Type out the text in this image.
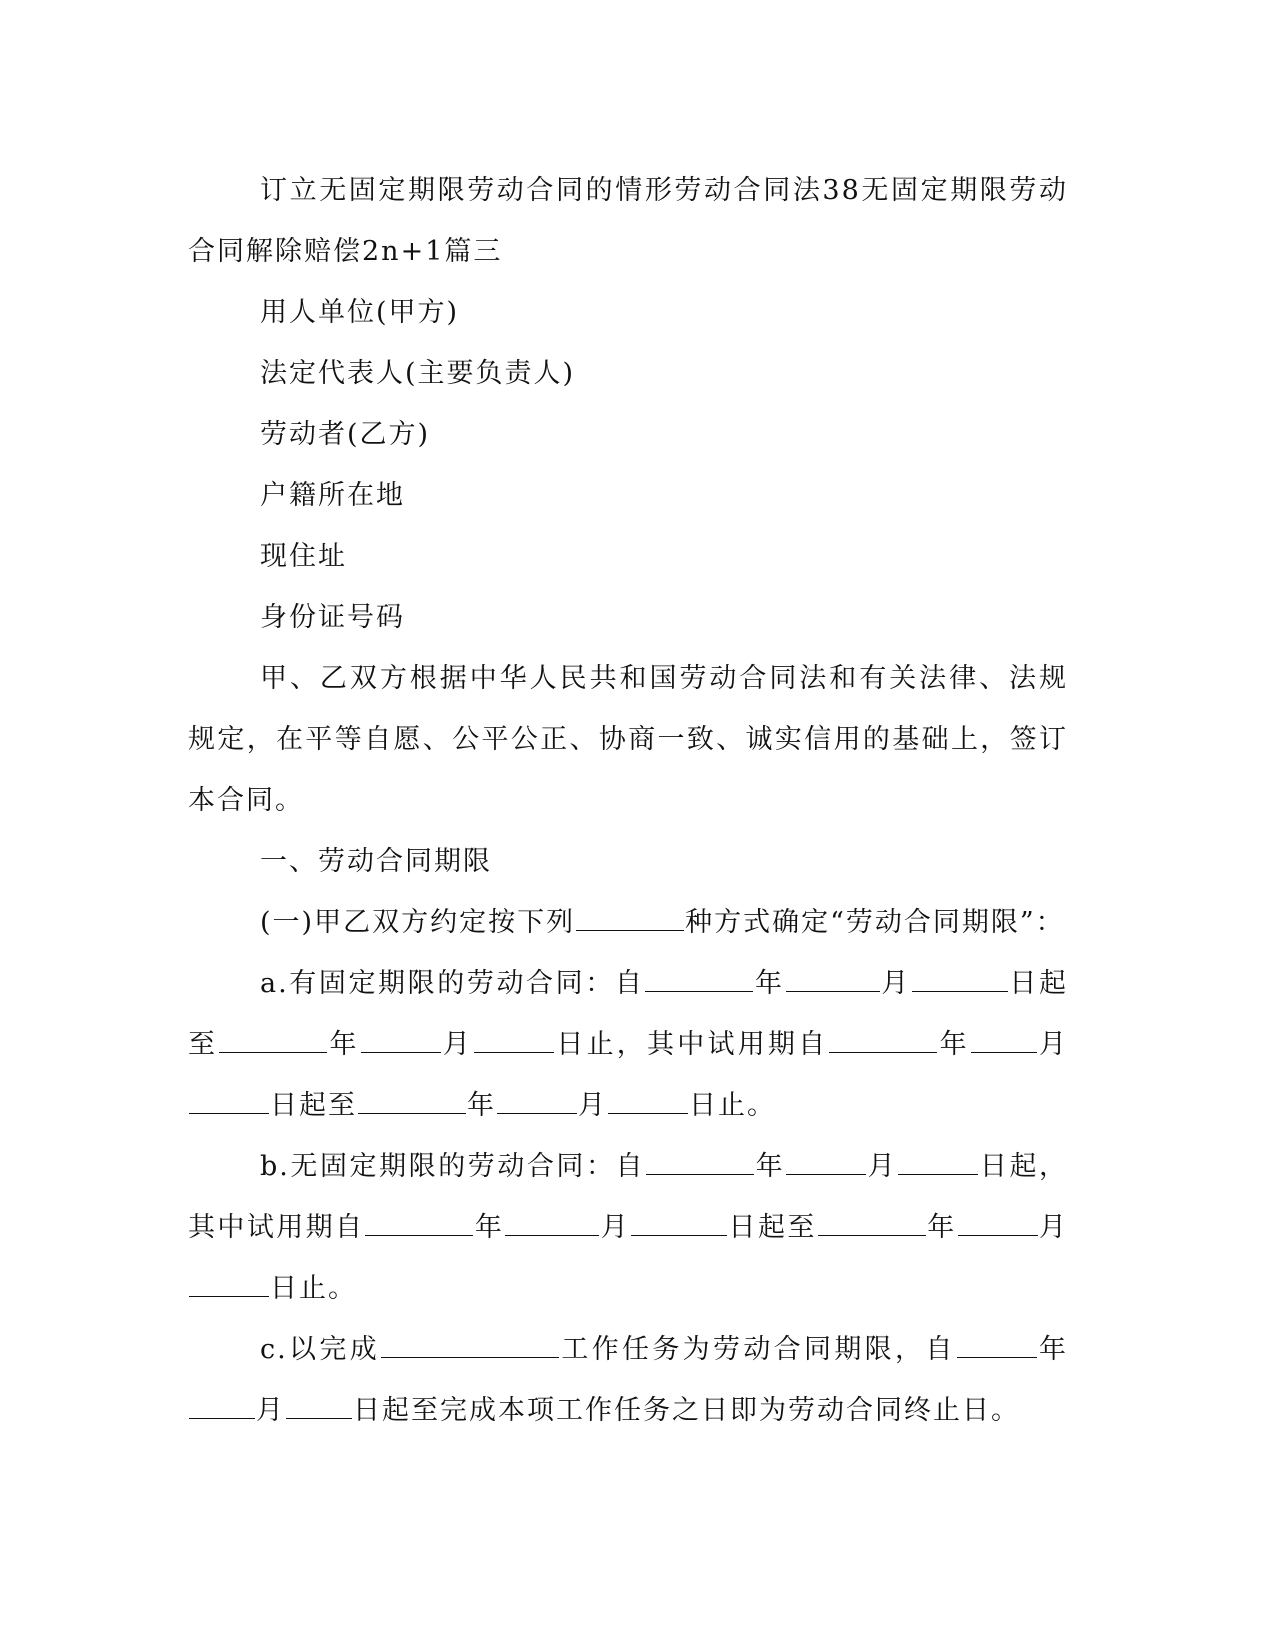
订立无固定期限劳动合同的情形劳动合同法38无固定期限劳动合同解除赔偿2n+1篇三

用人单位(甲方)

法定代表人(主要负责人)

劳动者(乙方)

户籍所在地

现住址

身份证号码

甲、乙双方根据中华人民共和国劳动合同法和有关法律、法规规定，在平等自愿、公平公正、协商一致、诚实信用的基础上，签订本合同。

一、劳动合同期限

(一)甲乙双方约定按下列	种方式确定“劳动合同期限”：

a.有固定期限的劳动合同：自	年	月	日起至	年	月	日止，其中试用期自	年	月日起至	年	月	日止。

b.无固定期限的劳动合同：自	年	月	日起，其中试用期自	年	月	日起至	年	月日止。

c.以完成	工作任务为劳动合同期限，自	年月	日起至完成本项工作任务之日即为劳动合同终止日。
